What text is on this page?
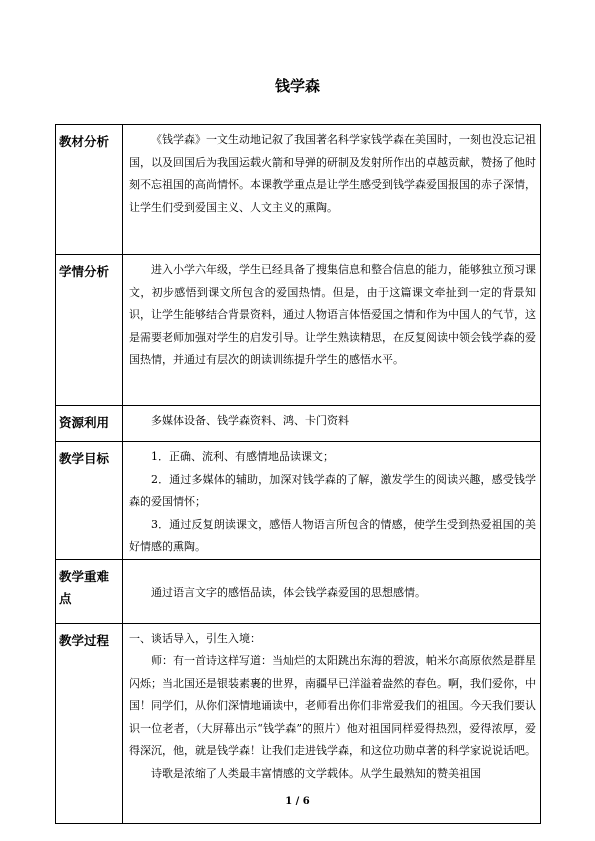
钱学森
教材分析	《钱学森》一文生动地记叙了我国著名科学家钱学森在美国时，一刻也没忘记祖国，以及回国后为我国运载火箭和导弹的研制及发射所作出的卓越贡献，赞扬了他时刻不忘祖国的高尚情怀。本课教学重点是让学生感受到钱学森爱国报国的赤子深情，让学生们受到爱国主义、人文主义的熏陶。

学情分析	进入小学六年级，学生已经具备了搜集信息和整合信息的能力，能够独立预习课文，初步感悟到课文所包含的爱国热情。但是，由于这篇课文牵扯到一定的背景知识，让学生能够结合背景资料，通过人物语言体悟爱国之情和作为中国人的气节，这是需要老师加强对学生的启发引导。让学生熟读精思，在反复阅读中领会钱学森的爱国热情，并通过有层次的朗读训练提升学生的感悟水平。

资源利用	多媒体设备、钱学森资料、鸿、卡门资料

教学目标	1．正确、流利、有感情地品读课文；

2．通过多媒体的辅助，加深对钱学森的了解，激发学生的阅读兴趣，感受钱学森的爱国情怀；

3．通过反复朗读课文，感悟人物语言所包含的情感，使学生受到热爱祖国的美好情感的熏陶。

教学重难点	通过语言文字的感悟品读，体会钱学森爱国的思想感情。

教学过程	一、谈话导入，引生入境：

师：有一首诗这样写道：当灿烂的太阳跳出东海的碧波，帕米尔高原依然是群星闪烁；当北国还是银装素裹的世界，南疆早已洋溢着盎然的春色。啊，我们爱你，中国！同学们，从你们深情地诵读中，老师看出你们非常爱我们的祖国。今天我们要认识一位老者，（大屏幕出示“钱学森”的照片）他对祖国同样爱得热烈，爱得浓厚，爱得深沉，他，就是钱学森！让我们走进钱学森，和这位功勋卓著的科学家说说话吧。

诗歌是浓缩了人类最丰富情感的文学载体。从学生最熟知的赞美祖国

1 / 6
